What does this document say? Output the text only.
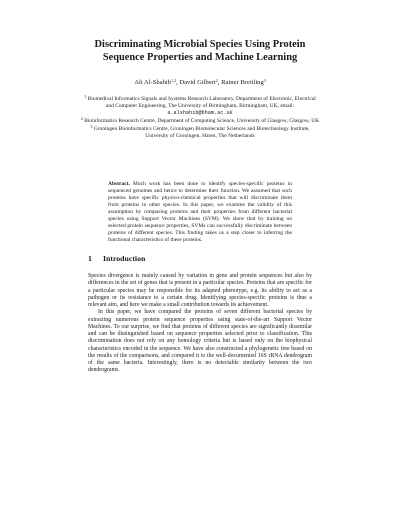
Discriminating Microbial Species Using Protein
Sequence Properties and Machine Learning
Ali Al-Shahib$^{1,2}$, David Gilbert$^2$, Rainer Breitling$^3$
$^1$ Biomedical Informatics Signals and Systems Research Laboratory, Department of Electronic, Electrical and Computer Engineering, The University of Birmingham, Birmingham, UK, email: a.alshahib@bham.ac.uk
$^2$ Bioinformatics Research Centre, Department of Computing Science, University of Glasgow, Glasgow, UK
$^3$ Groningen Bioinformatics Centre, Groningen Biomolecular Sciences and Biotechnology Institute, University of Groningen, Haren, The Netherlands
Abstract. Much work has been done to identify species-specific proteins in sequenced genomes and hence to determine their function. We assumed that such proteins have specific physico-chemical properties that will discriminate them from proteins in other species. In this paper, we examine the validity of this assumption by comparing proteins and their properties from different bacterial species using Support Vector Machines (SVM). We show that by training on selected protein sequence properties, SVMs can successfully discriminate between proteins of different species. This finding takes us a step closer to inferring the functional characteristics of these proteins.
1 Introduction

Species divergence is mainly caused by variation in gene and protein sequences but also by differences in the set of genes that is present in a particular species. Proteins that are specific for a particular species may be responsible for its adapted phenotype, e.g. its ability to act as a pathogen or its resistance to a certain drug. Identifying species-specific proteins is thus a relevant aim, and here we make a small contribution towards its achievement.

In this paper, we have compared the proteins of seven different bacterial species by extracting numerous protein sequence properties using state-of-the-art Support Vector Machines. To our surprise, we find that proteins of different species are significantly dissimilar and can be distinguished based on sequence properties selected prior to classification. This discrimination does not rely on any homology criteria but is based only on the biophysical characteristics encoded in the sequence. We have also constructed a phylogenetic tree based on the results of the comparisons, and compared it to the well-documented 16S rRNA dendrogram of the same bacteria. Interestingly, there is no detectable similarity between the two dendrograms.
